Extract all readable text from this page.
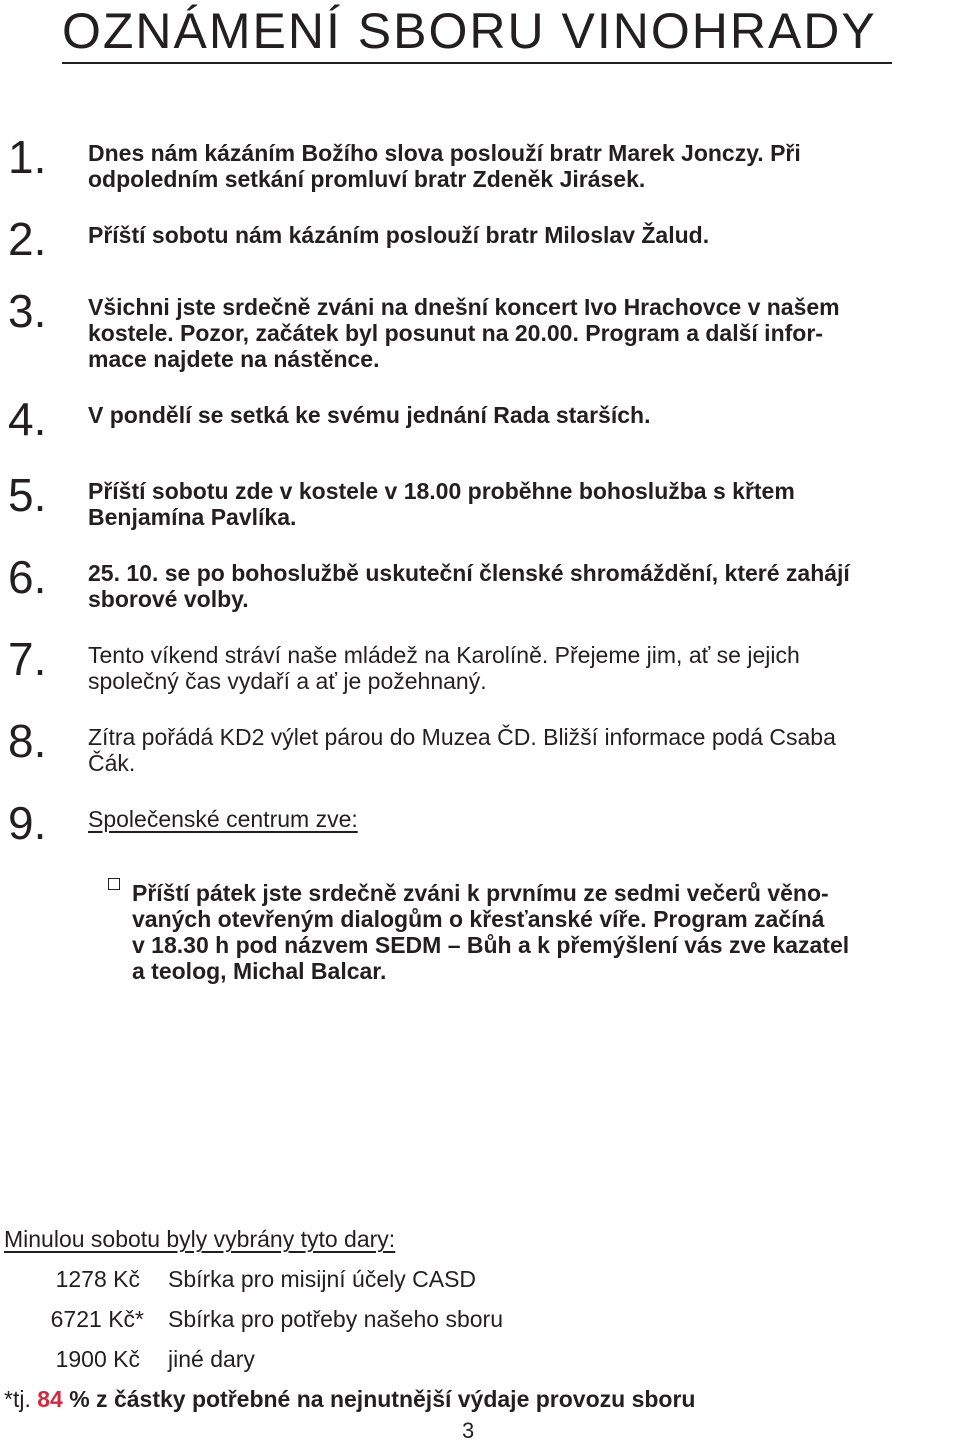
OZNÁMENÍ SBORU VINOHRADY
1. Dnes nám kázáním Božího slova poslouží bratr Marek Jonczy. Při
odpoledním setkání promluví bratr Zdeněk Jirásek.
2. Příští sobotu nám kázáním poslouží bratr Miloslav Žalud.
3. Všichni jste srdečně zváni na dnešní koncert Ivo Hrachovce v našem
kostele. Pozor, začátek byl posunut na 20.00. Program a další infor-
mace najdete na nástěnce.
4. V pondělí se setká ke svému jednání Rada starších.
5. Příští sobotu zde v kostele v 18.00 proběhne bohoslužba s křtem
Benjamína Pavlíka.
6. 25. 10. se po bohoslužbě uskuteční členské shromáždění, které zahájí
sborové volby.
7. Tento víkend stráví naše mládež na Karolíně. Přejeme jim, ať se jejich
společný čas vydaří a ať je požehnaný.
8. Zítra pořádá KD2 výlet párou do Muzea ČD. Bližší informace podá Csaba
Čák.
9. Společenské centrum zve:
Příští pátek jste srdečně zváni k prvnímu ze sedmi večerů věno-
vaných otevřeným dialogům o křesťanské víře. Program začíná
v 18.30 h pod názvem SEDM – Bůh a k přemýšlení vás zve kazatel
a teolog, Michal Balcar.
Minulou sobotu byly vybrány tyto dary:
1278 Kč Sbírka pro misijní účely CASD
6721 Kč* Sbírka pro potřeby našeho sboru
1900 Kč jiné dary
*tj. 84 % z částky potřebné na nejnutnější výdaje provozu sboru
3
